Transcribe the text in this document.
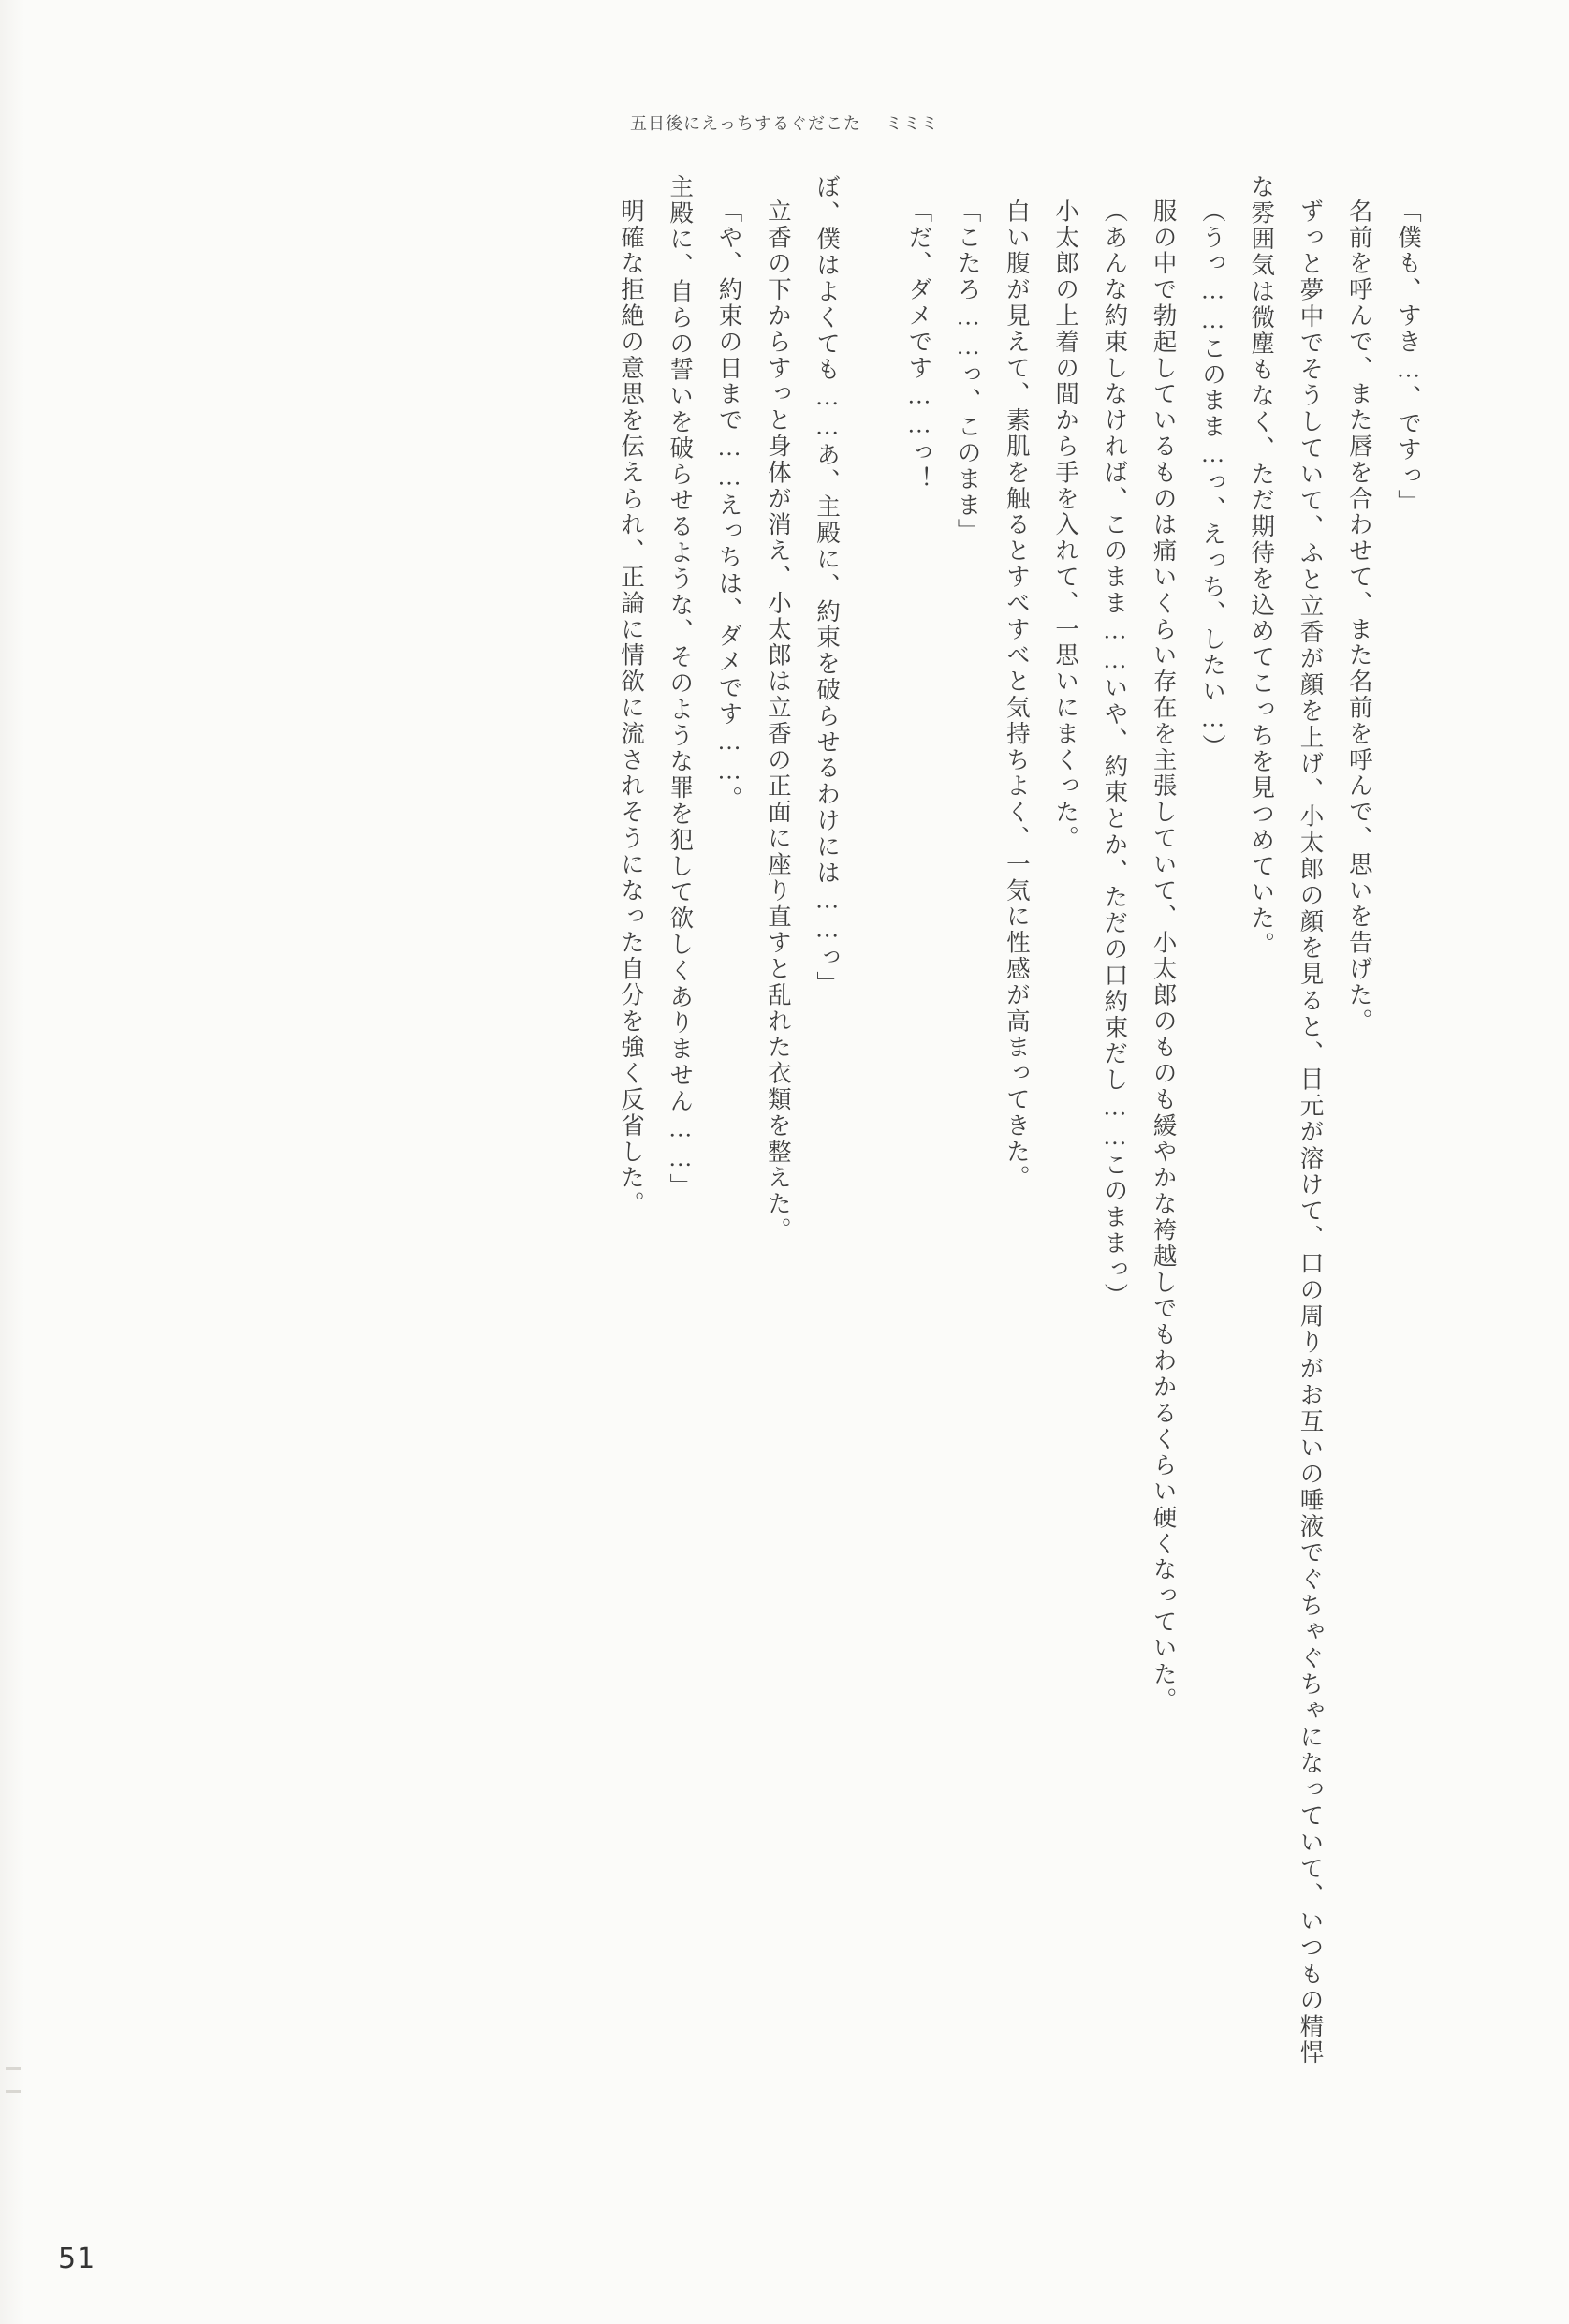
五日後にえっちするぐだこた ミミミ

「僕も、すき…、ですっ」

名前を呼んで、また唇を合わせて、また名前を呼んで、思いを告げた。

ずっと夢中でそうしていて、ふと立香が顔を上げ、小太郎の顔を見ると、目元が溶けて、口の周りがお互いの唾液でぐちゃぐちゃになっていて、いつもの精悍な雰囲気は微塵もなく、ただ期待を込めてこっちを見つめていた。

（うっ……このまま…っ、えっち、したい…）

服の中で勃起しているものは痛いくらい存在を主張していて、小太郎のものも緩やかな袴越しでもわかるくらい硬くなっていた。

（あんな約束しなければ、このまま……いや、約束とか、ただの口約束だし……このままっ）

小太郎の上着の間から手を入れて、一思いにまくった。

白い腹が見えて、素肌を触るとすべすべと気持ちよく、一気に性感が高まってきた。

「こたろ……っ、このまま」

「だ、ダメです……っ！

ぼ、僕はよくても……あ、主殿に、約束を破らせるわけには……っ」

立香の下からすっと身体が消え、小太郎は立香の正面に座り直すと乱れた衣類を整えた。

「や、約束の日まで……えっちは、ダメです……。

主殿に、自らの誓いを破らせるような、そのような罪を犯して欲しくありません……」

明確な拒絶の意思を伝えられ、正論に情欲に流されそうになった自分を強く反省した。

51
